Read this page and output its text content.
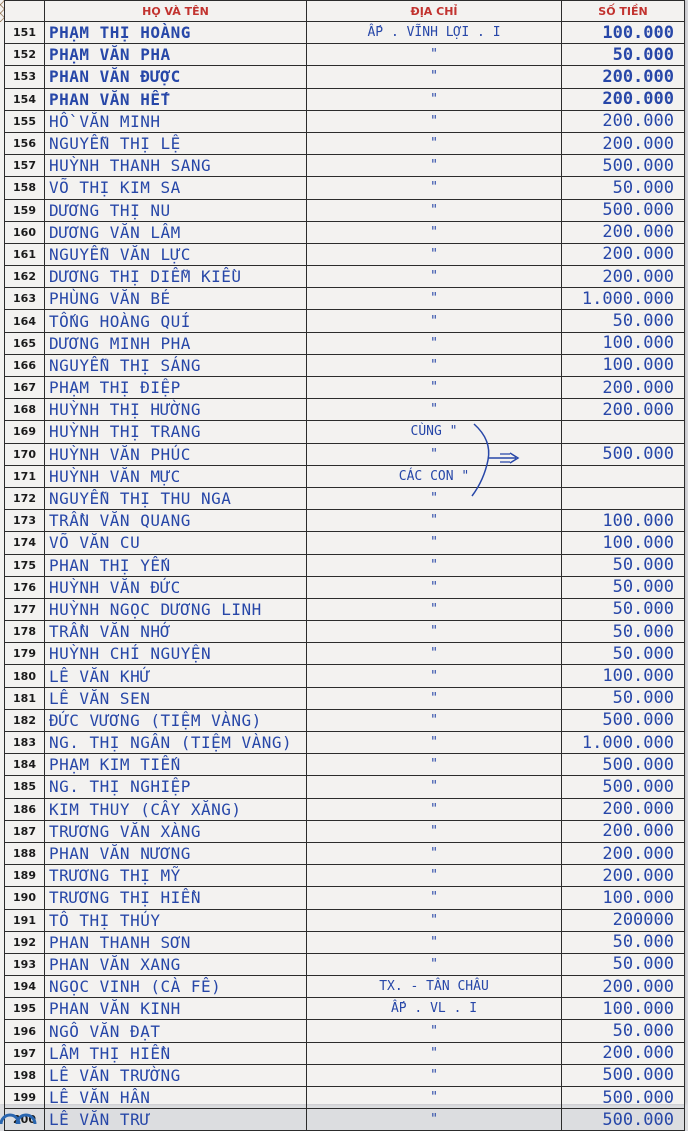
	HỌ VÀ TÊN	ĐỊA CHỈ	SỐ TIỀN
151	PHẠM THỊ HOÀNG	ẤP . VĨNH LỢI . I	100.000
152	PHẠM VĂN PHA	"	50.000
153	PHAN VĂN ĐƯỢC	"	200.000
154	PHAN VĂN HẾT	"	200.000
155	HỒ VĂN MINH	"	200.000
156	NGUYỄN THỊ LỆ	"	200.000
157	HUỲNH THANH SANG	"	500.000
158	VÕ THỊ KIM SA	"	50.000
159	DƯƠNG THỊ NU	"	500.000
160	DƯƠNG VĂN LÂM	"	200.000
161	NGUYỄN VĂN LỰC	"	200.000
162	DƯƠNG THỊ DIỄM KIỀU	"	200.000
163	PHÙNG VĂN BÉ	"	1.000.000
164	TỐNG HOÀNG QUÍ	"	50.000
165	DƯƠNG MINH PHA	"	100.000
166	NGUYỄN THỊ SÁNG	"	100.000
167	PHẠM THỊ ĐIỆP	"	200.000
168	HUỲNH THỊ HƯỜNG	"	200.000
169	HUỲNH THỊ TRANG	CÙNG "	
170	HUỲNH VĂN PHÚC	"	500.000
171	HUỲNH VĂN MỰC	CÁC CON "	
172	NGUYỄN THỊ THU NGA	"	
173	TRẦN VĂN QUANG	"	100.000
174	VÕ VĂN CU	"	100.000
175	PHAN THỊ YẾN	"	50.000
176	HUỲNH VĂN ĐỨC	"	50.000
177	HUỲNH NGỌC DƯƠNG LINH	"	50.000
178	TRẦN VĂN NHỚ	"	50.000
179	HUỲNH CHÍ NGUYỆN	"	50.000
180	LÊ VĂN KHỨ	"	100.000
181	LÊ VĂN SEN	"	50.000
182	ĐỨC VƯƠNG (TIỆM VÀNG)	"	500.000
183	NG. THỊ NGÂN (TIỆM VÀNG)	"	1.000.000
184	PHẠM KIM TIẾN	"	500.000
185	NG. THỊ NGHIỆP	"	500.000
186	KIM THUY (CÂY XĂNG)	"	200.000
187	TRƯƠNG VĂN XÀNG	"	200.000
188	PHAN VĂN NƯƠNG	"	200.000
189	TRƯƠNG THỊ MỸ	"	200.000
190	TRƯƠNG THỊ HIỀN	"	100.000
191	TÔ THỊ THÚY	"	200000
192	PHAN THANH SƠN	"	50.000
193	PHAN VĂN XANG	"	50.000
194	NGỌC VINH (CÀ FÊ)	TX. - TÂN CHÂU	200.000
195	PHAN VĂN KINH	ẤP . VL . I	100.000
196	NGÔ VĂN ĐẠT	"	50.000
197	LÂM THỊ HIỀN	"	200.000
198	LÊ VĂN TRƯỜNG	"	500.000
199	LÊ VĂN HÂN	"	500.000
200	LÊ VĂN TRƯ	"	500.000
